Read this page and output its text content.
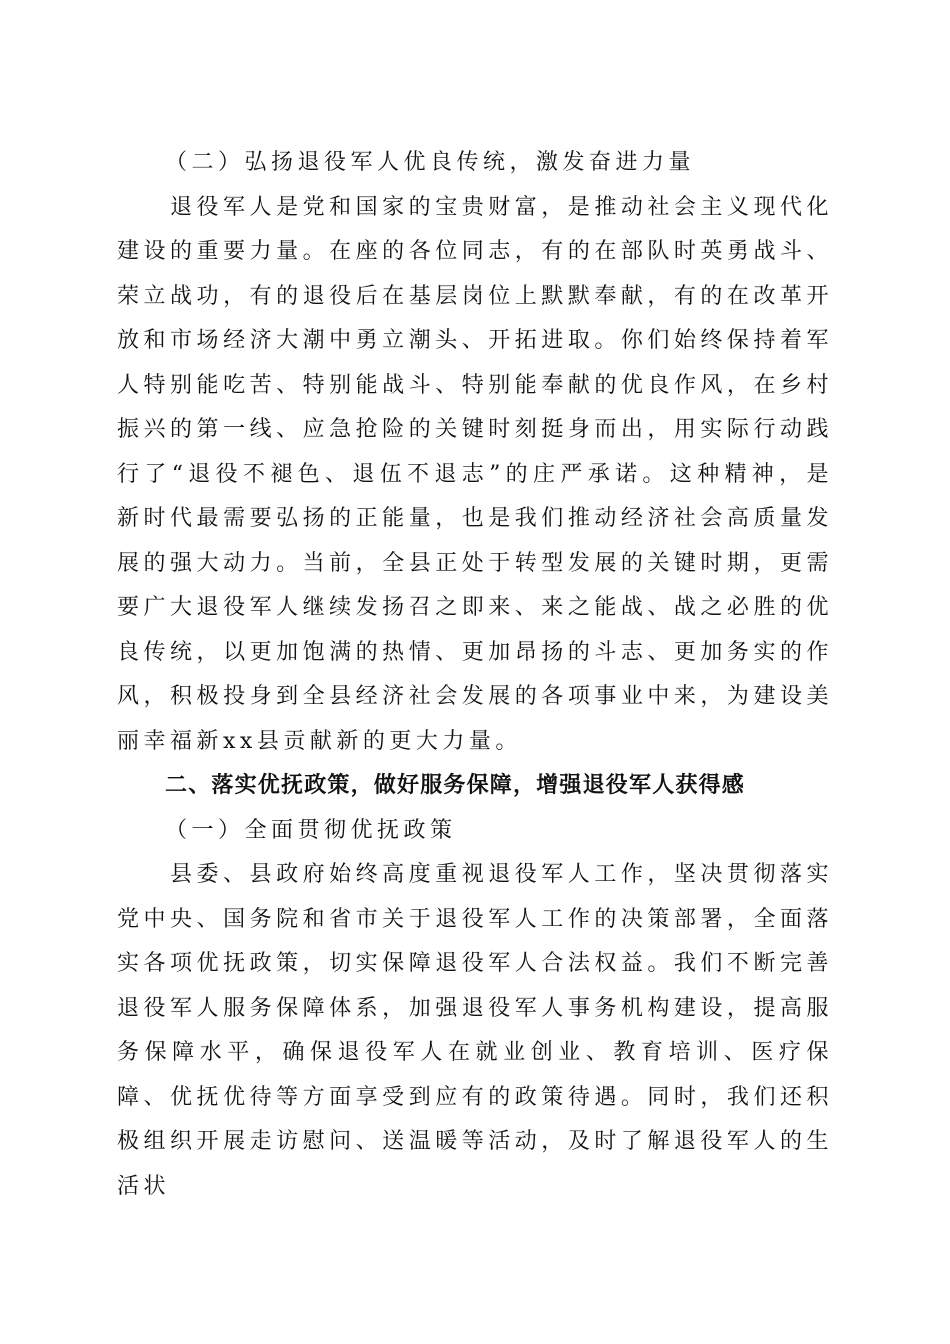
（二）弘扬退役军人优良传统，激发奋进力量

退役军人是党和国家的宝贵财富，是推动社会主义现代化建设的重要力量。在座的各位同志，有的在部队时英勇战斗、荣立战功，有的退役后在基层岗位上默默奉献，有的在改革开放和市场经济大潮中勇立潮头、开拓进取。你们始终保持着军人特别能吃苦、特别能战斗、特别能奉献的优良作风，在乡村振兴的第一线、应急抢险的关键时刻挺身而出，用实际行动践行了“退役不褪色、退伍不退志”的庄严承诺。这种精神，是新时代最需要弘扬的正能量，也是我们推动经济社会高质量发展的强大动力。当前，全县正处于转型发展的关键时期，更需要广大退役军人继续发扬召之即来、来之能战、战之必胜的优良传统，以更加饱满的热情、更加昂扬的斗志、更加务实的作风，积极投身到全县经济社会发展的各项事业中来，为建设美丽幸福新xx县贡献新的更大力量。

二、落实优抚政策，做好服务保障，增强退役军人获得感

（一）全面贯彻优抚政策

县委、县政府始终高度重视退役军人工作，坚决贯彻落实党中央、国务院和省市关于退役军人工作的决策部署，全面落实各项优抚政策，切实保障退役军人合法权益。我们不断完善退役军人服务保障体系，加强退役军人事务机构建设，提高服务保障水平，确保退役军人在就业创业、教育培训、医疗保障、优抚优待等方面享受到应有的政策待遇。同时，我们还积极组织开展走访慰问、送温暖等活动，及时了解退役军人的生活状
